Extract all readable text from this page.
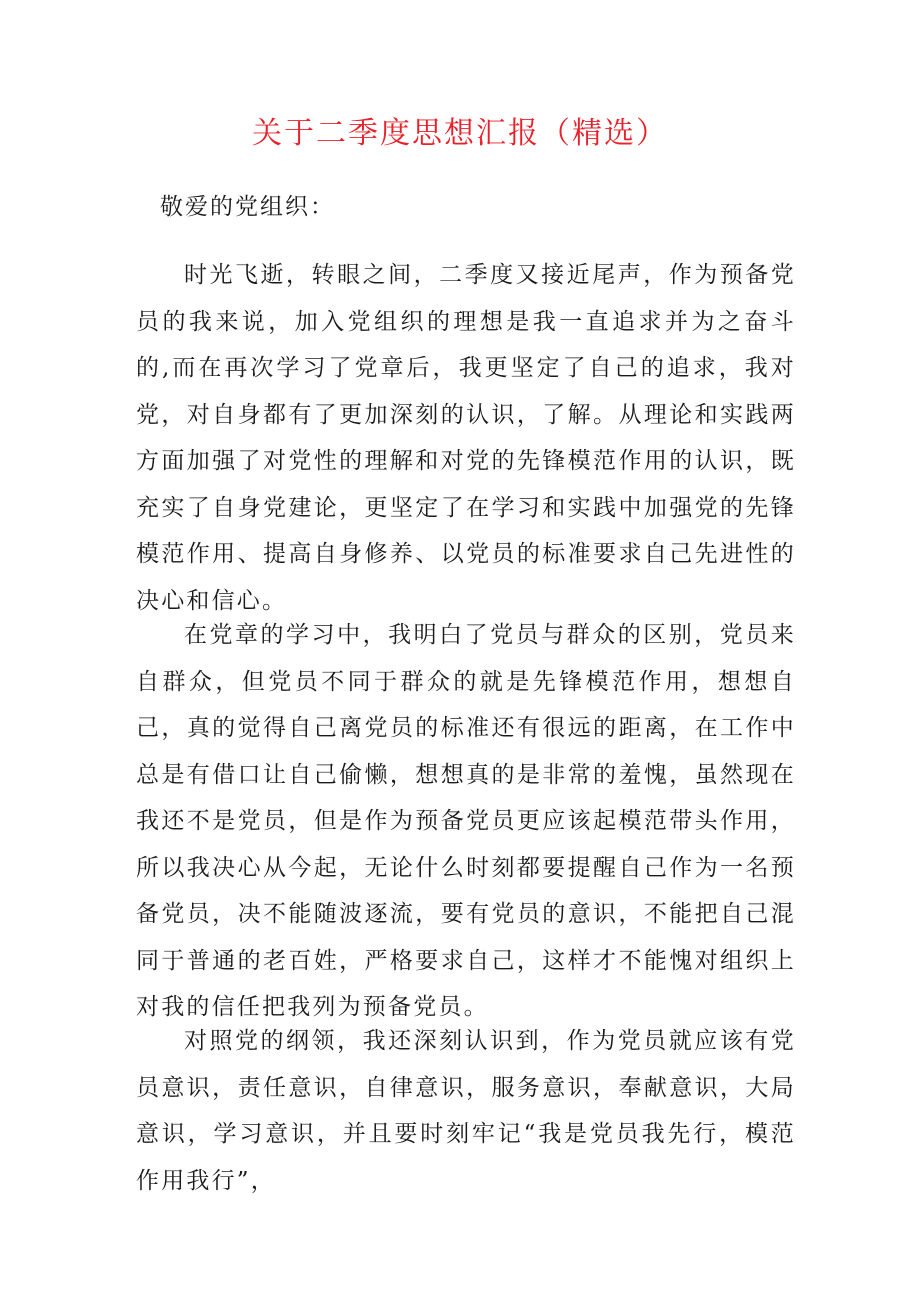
关于二季度思想汇报（精选）

敬爱的党组织：

时光飞逝，转眼之间，二季度又接近尾声，作为预备党员的我来说，加入党组织的理想是我一直追求并为之奋斗的,而在再次学习了党章后，我更坚定了自己的追求，我对党，对自身都有了更加深刻的认识，了解。从理论和实践两方面加强了对党性的理解和对党的先锋模范作用的认识，既充实了自身党建论，更坚定了在学习和实践中加强党的先锋模范作用、提高自身修养、以党员的标准要求自己先进性的决心和信心。

在党章的学习中，我明白了党员与群众的区别，党员来自群众，但党员不同于群众的就是先锋模范作用，想想自己，真的觉得自己离党员的标准还有很远的距离，在工作中总是有借口让自己偷懒，想想真的是非常的羞愧，虽然现在我还不是党员，但是作为预备党员更应该起模范带头作用，所以我决心从今起，无论什么时刻都要提醒自己作为一名预备党员，决不能随波逐流，要有党员的意识，不能把自己混同于普通的老百姓，严格要求自己，这样才不能愧对组织上对我的信任把我列为预备党员。

对照党的纲领，我还深刻认识到，作为党员就应该有党员意识，责任意识，自律意识，服务意识，奉献意识，大局意识，学习意识，并且要时刻牢记“我是党员我先行，模范作用我行”，
